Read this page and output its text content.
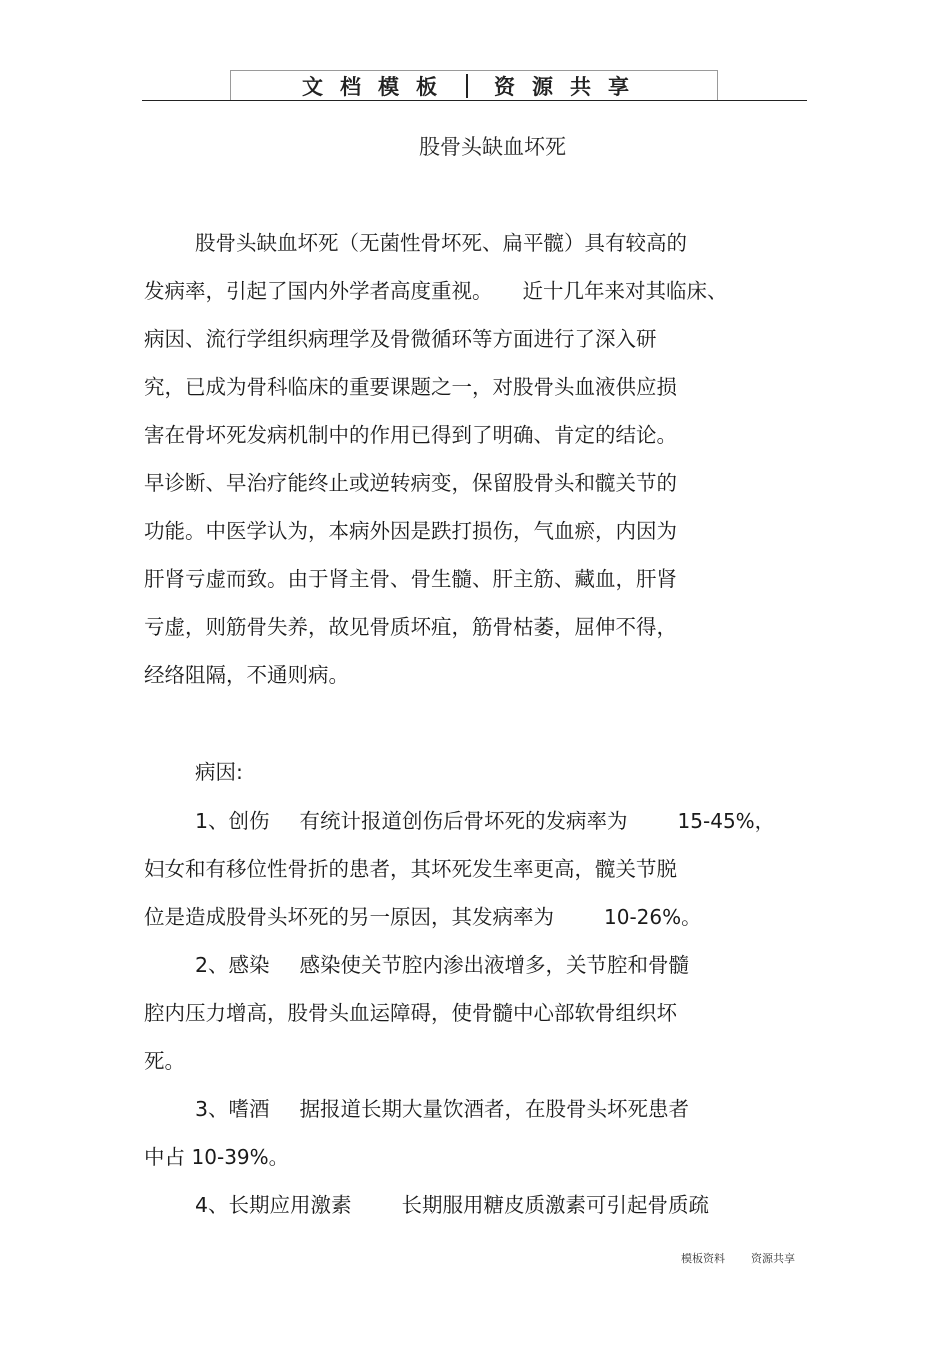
文档模板 资源共享
股骨头缺血坏死
股骨头缺血坏死（无菌性骨坏死、扁平髋）具有较高的
发病率，引起了国内外学者高度重视。 近十几年来对其临床、
病因、流行学组织病理学及骨微循环等方面进行了深入研
究，已成为骨科临床的重要课题之一，对股骨头血液供应损
害在骨坏死发病机制中的作用已得到了明确、肯定的结论。
早诊断、早治疗能终止或逆转病变，保留股骨头和髋关节的
功能。中医学认为，本病外因是跌打损伤，气血瘀，内因为
肝肾亏虚而致。由于肾主骨、骨生髓、肝主筋、藏血，肝肾
亏虚，则筋骨失养，故见骨质坏疽，筋骨枯萎，屈伸不得，
经络阻隔，不通则病。
病因:
1、创伤 有统计报道创伤后骨坏死的发病率为	15-45%，
妇女和有移位性骨折的患者，其坏死发生率更高，髋关节脱
位是造成股骨头坏死的另一原因，其发病率为	10-26%。
2、感染 感染使关节腔内渗出液增多，关节腔和骨髓
腔内压力增高，股骨头血运障碍，使骨髓中心部软骨组织坏
死。
3、嗜酒 据报道长期大量饮酒者，在股骨头坏死患者
中占 10-39%。
4、长期应用激素 长期服用糖皮质激素可引起骨质疏
模板资料 资源共享
